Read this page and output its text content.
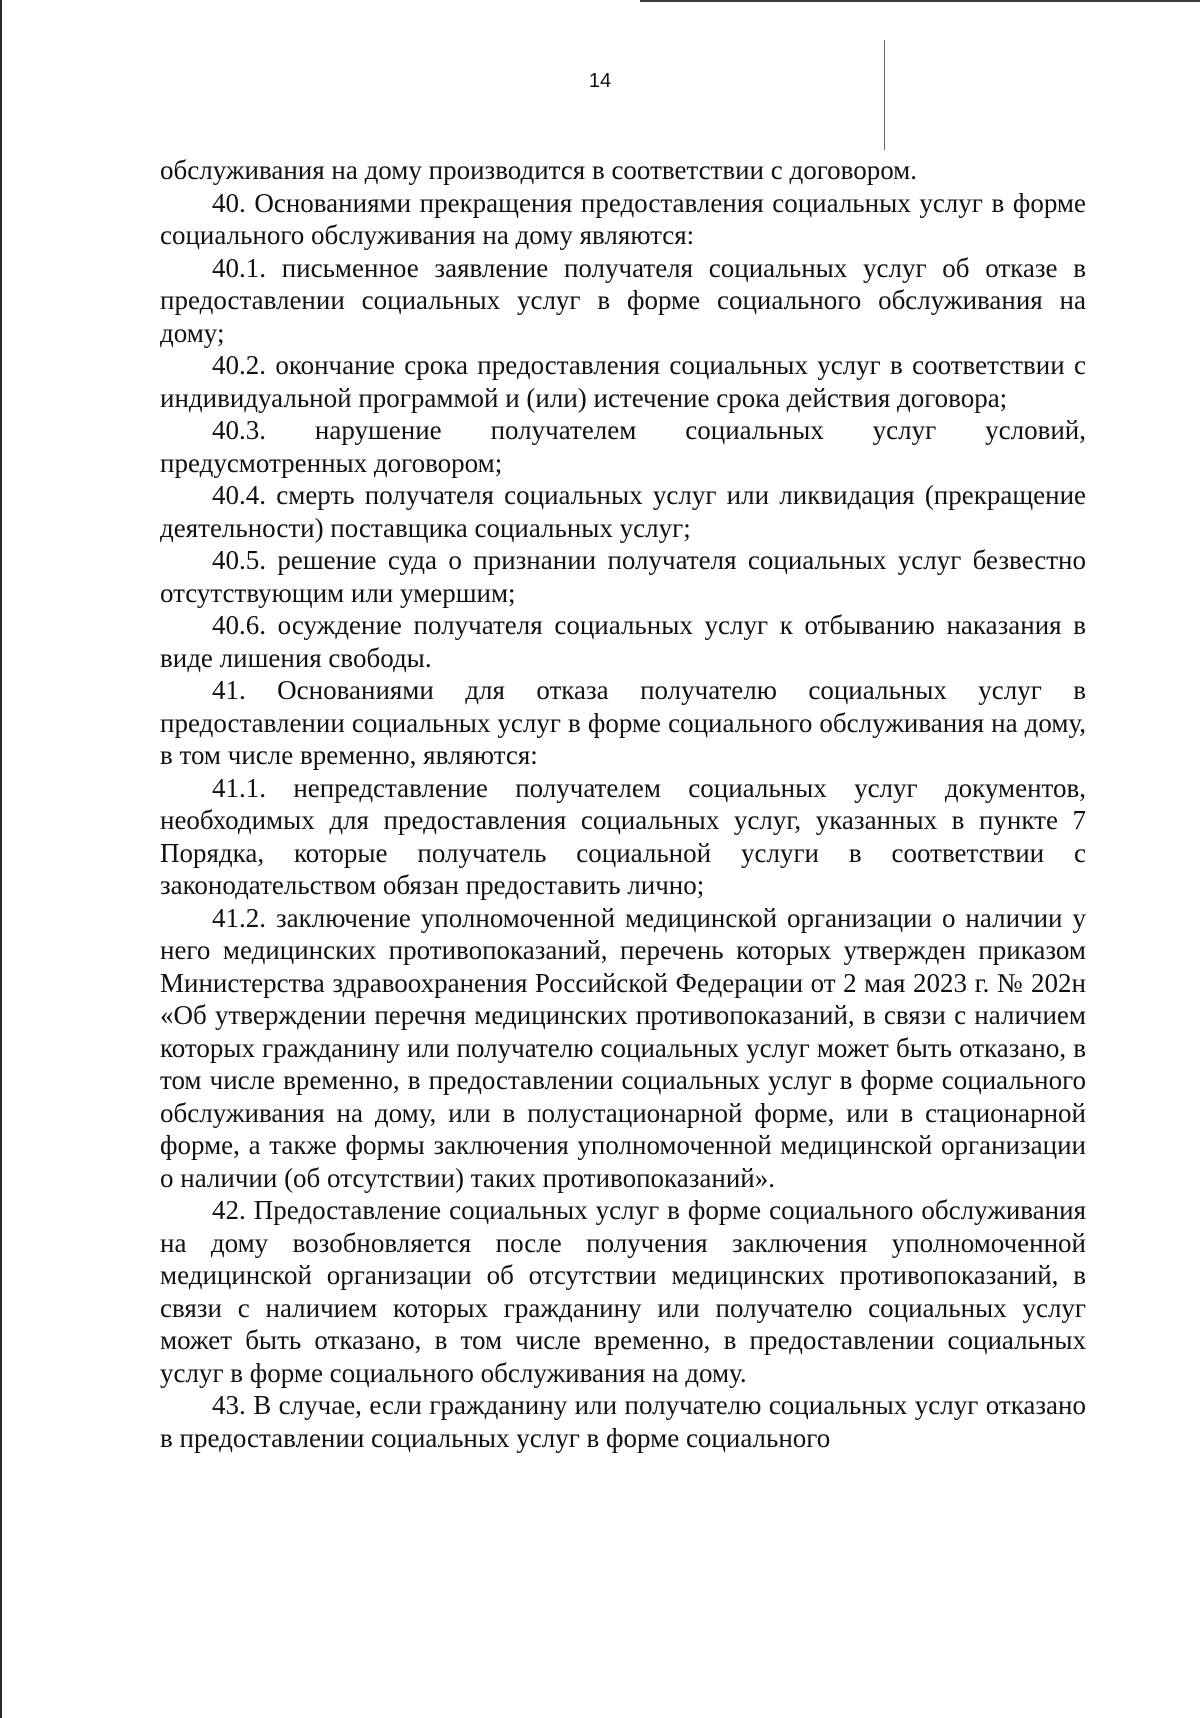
14

обслуживания на дому производится в соответствии с договором.

40. Основаниями прекращения предоставления социальных услуг в форме социального обслуживания на дому являются:

40.1. письменное заявление получателя социальных услуг об отказе в предоставлении социальных услуг в форме социального обслуживания на дому;

40.2. окончание срока предоставления социальных услуг в соответствии с индивидуальной программой и (или) истечение срока действия договора;

40.3. нарушение получателем социальных услуг условий, предусмотренных договором;

40.4. смерть получателя социальных услуг или ликвидация (прекращение деятельности) поставщика социальных услуг;

40.5. решение суда о признании получателя социальных услуг безвестно отсутствующим или умершим;

40.6. осуждение получателя социальных услуг к отбыванию наказания в виде лишения свободы.

41. Основаниями для отказа получателю социальных услуг в предоставлении социальных услуг в форме социального обслуживания на дому, в том числе временно, являются:

41.1. непредставление получателем социальных услуг документов, необходимых для предоставления социальных услуг, указанных в пункте 7 Порядка, которые получатель социальной услуги в соответствии с законодательством обязан предоставить лично;

41.2. заключение уполномоченной медицинской организации о наличии у него медицинских противопоказаний, перечень которых утвержден приказом Министерства здравоохранения Российской Федерации от 2 мая 2023 г. № 202н «Об утверждении перечня медицинских противопоказаний, в связи с наличием которых гражданину или получателю социальных услуг может быть отказано, в том числе временно, в предоставлении социальных услуг в форме социального обслуживания на дому, или в полустационарной форме, или в стационарной форме, а также формы заключения уполномоченной медицинской организации о наличии (об отсутствии) таких противопоказаний».

42. Предоставление социальных услуг в форме социального обслуживания на дому возобновляется после получения заключения уполномоченной медицинской организации об отсутствии медицинских противопоказаний, в связи с наличием которых гражданину или получателю социальных услуг может быть отказано, в том числе временно, в предоставлении социальных услуг в форме социального обслуживания на дому.

43. В случае, если гражданину или получателю социальных услуг отказано в предоставлении социальных услуг в форме социального
